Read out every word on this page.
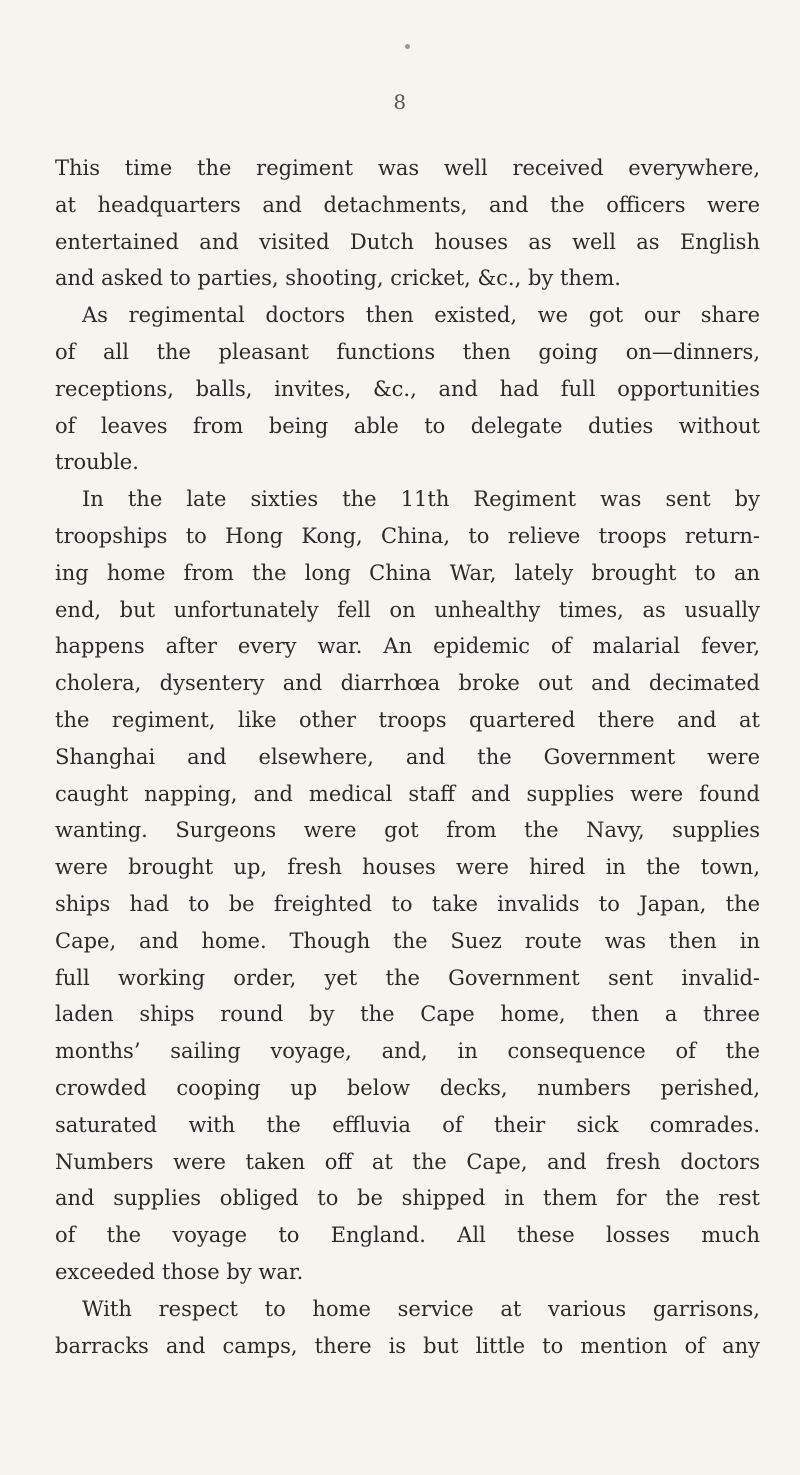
8
This time the regiment was well received everywhere,
at headquarters and detachments, and the officers were
entertained and visited Dutch houses as well as English
and asked to parties, shooting, cricket, &c., by them.
As regimental doctors then existed, we got our share
of all the pleasant functions then going on—dinners,
receptions, balls, invites, &c., and had full opportunities
of leaves from being able to delegate duties without
trouble.
In the late sixties the 11th Regiment was sent by
troopships to Hong Kong, China, to relieve troops return-
ing home from the long China War, lately brought to an
end, but unfortunately fell on unhealthy times, as usually
happens after every war. An epidemic of malarial fever,
cholera, dysentery and diarrhœa broke out and decimated
the regiment, like other troops quartered there and at
Shanghai and elsewhere, and the Government were
caught napping, and medical staff and supplies were found
wanting. Surgeons were got from the Navy, supplies
were brought up, fresh houses were hired in the town,
ships had to be freighted to take invalids to Japan, the
Cape, and home. Though the Suez route was then in
full working order, yet the Government sent invalid-
laden ships round by the Cape home, then a three
months’ sailing voyage, and, in consequence of the
crowded cooping up below decks, numbers perished,
saturated with the effluvia of their sick comrades.
Numbers were taken off at the Cape, and fresh doctors
and supplies obliged to be shipped in them for the rest
of the voyage to England. All these losses much
exceeded those by war.
With respect to home service at various garrisons,
barracks and camps, there is but little to mention of any
